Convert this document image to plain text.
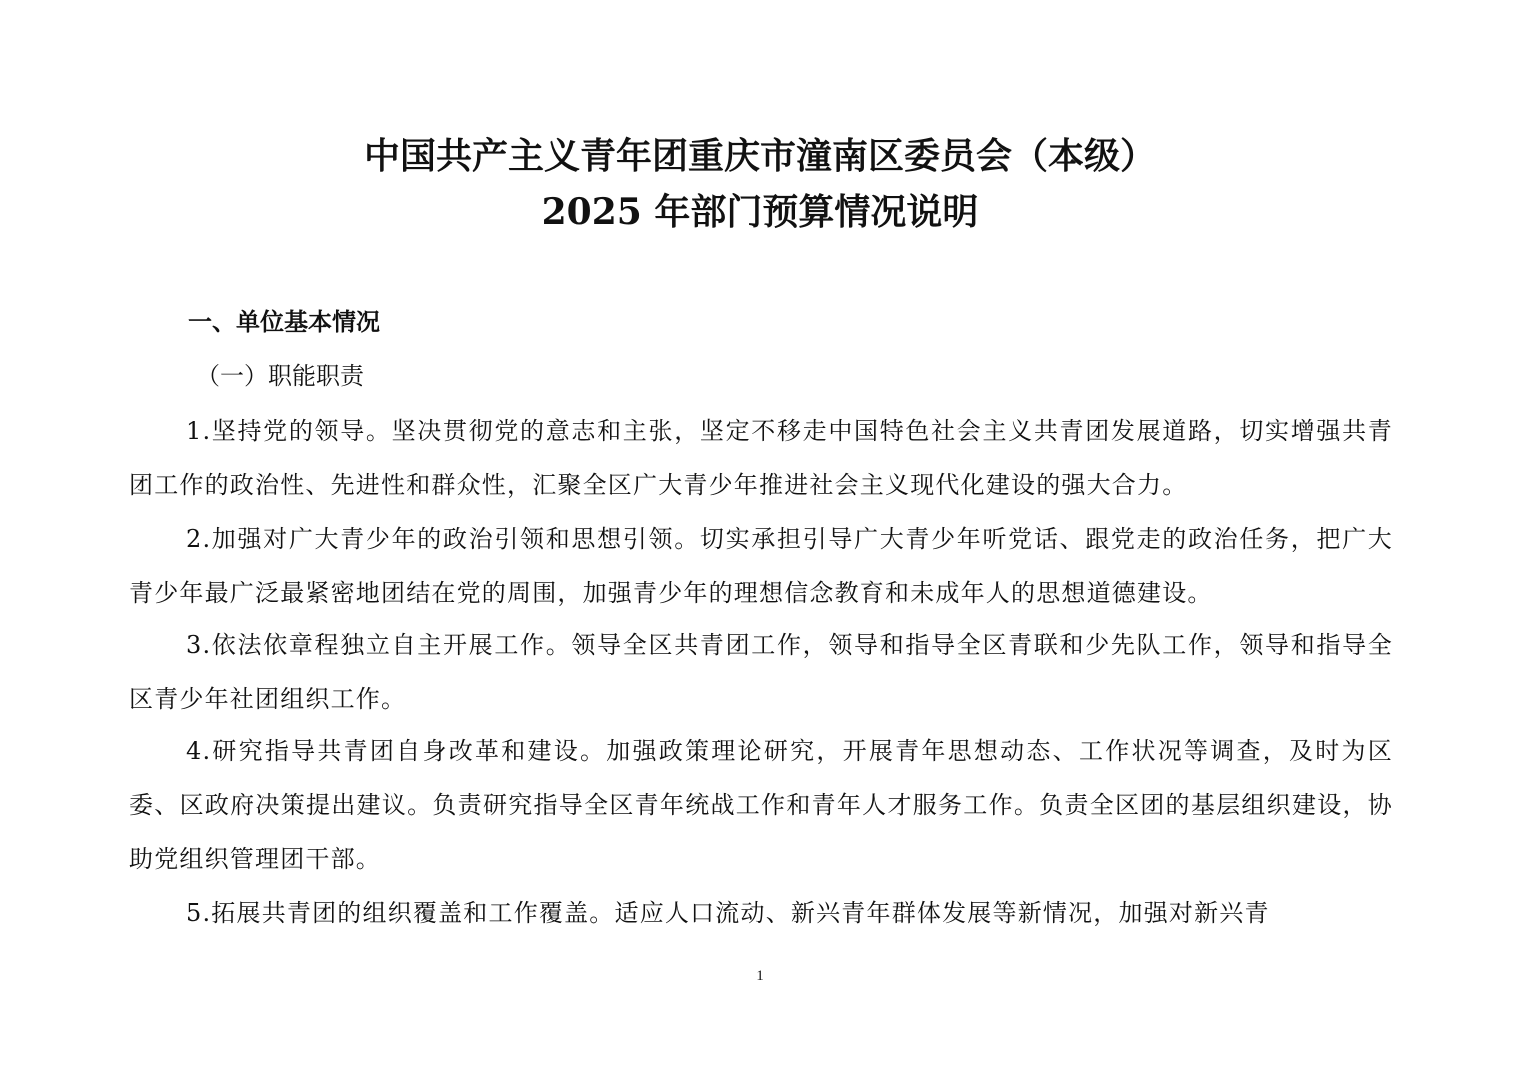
中国共产主义青年团重庆市潼南区委员会（本级）
2025 年部门预算情况说明
一、单位基本情况
（一）职能职责

1.坚持党的领导。坚决贯彻党的意志和主张，坚定不移走中国特色社会主义共青团发展道路，切实增强共青团工作的政治性、先进性和群众性，汇聚全区广大青少年推进社会主义现代化建设的强大合力。

2.加强对广大青少年的政治引领和思想引领。切实承担引导广大青少年听党话、跟党走的政治任务，把广大青少年最广泛最紧密地团结在党的周围，加强青少年的理想信念教育和未成年人的思想道德建设。

3.依法依章程独立自主开展工作。领导全区共青团工作，领导和指导全区青联和少先队工作，领导和指导全区青少年社团组织工作。

4.研究指导共青团自身改革和建设。加强政策理论研究，开展青年思想动态、工作状况等调查，及时为区委、区政府决策提出建议。负责研究指导全区青年统战工作和青年人才服务工作。负责全区团的基层组织建设，协助党组织管理团干部。

5.拓展共青团的组织覆盖和工作覆盖。适应人口流动、新兴青年群体发展等新情况，加强对新兴青

1
